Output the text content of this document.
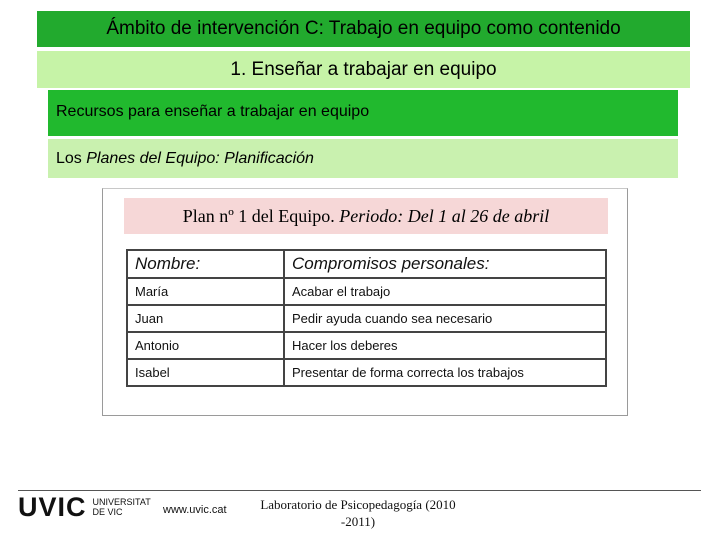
Ámbito de intervención C: Trabajo en equipo como contenido
1. Enseñar a trabajar en equipo
Recursos para enseñar a trabajar en equipo
Los Planes del Equipo: Planificación
Plan nº 1 del Equipo. Periodo: Del 1 al 26 de abril
Nombre:	Compromisos personales:
María	Acabar el trabajo
Juan	Pedir ayuda cuando sea necesario
Antonio	Hacer los deberes
Isabel	Presentar de forma correcta los trabajos
UVIC UNIVERSITAT
DE VIC	www.uvic.cat	Laboratorio de Psicopedagogía (2010
-2011)
